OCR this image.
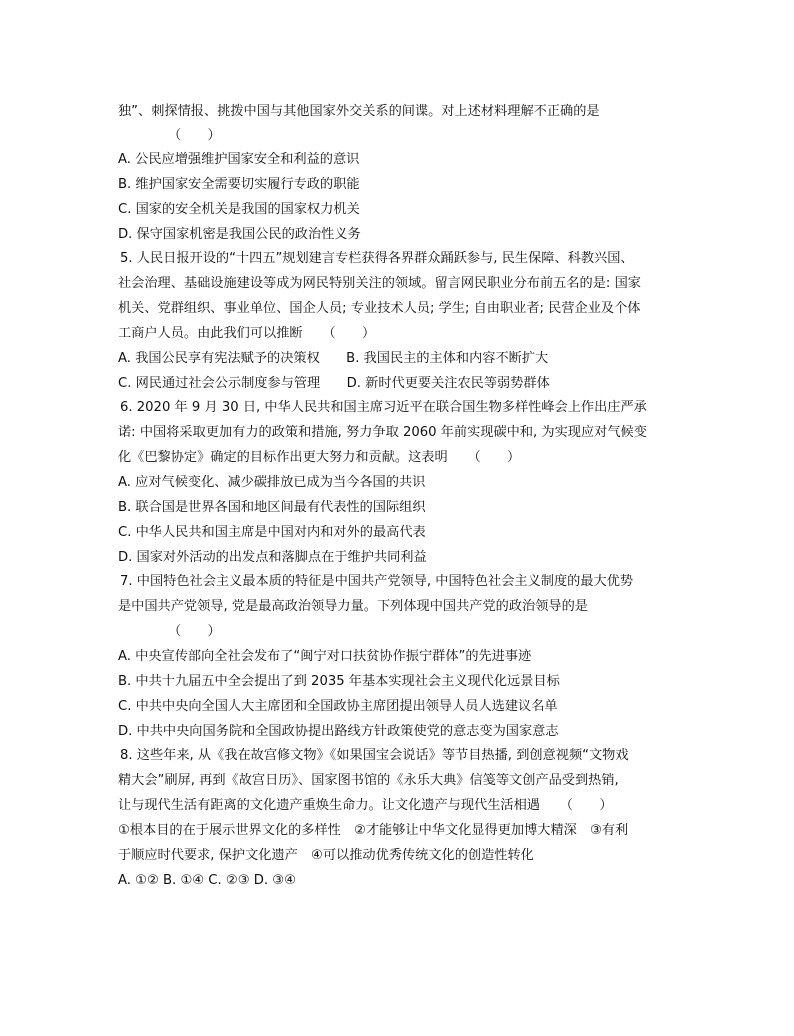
独”、刺探情报、挑拨中国与其他国家外交关系的间谍。对上述材料理解不正确的是
（　　）
A. 公民应增强维护国家安全和利益的意识
B. 维护国家安全需要切实履行专政的职能
C. 国家的安全机关是我国的国家权力机关
D. 保守国家机密是我国公民的政治性义务
5. 人民日报开设的“十四五”规划建言专栏获得各界群众踊跃参与, 民生保障、科教兴国、
社会治理、基础设施建设等成为网民特别关注的领域。留言网民职业分布前五名的是: 国家
机关、党群组织、事业单位、国企人员; 专业技术人员; 学生; 自由职业者; 民营企业及个体
工商户人员。由此我们可以推断　　（　　）
A. 我国公民享有宪法赋予的决策权　　B. 我国民主的主体和内容不断扩大
C. 网民通过社会公示制度参与管理　　D. 新时代更要关注农民等弱势群体
6. 2020 年 9 月 30 日, 中华人民共和国主席习近平在联合国生物多样性峰会上作出庄严承
诺: 中国将采取更加有力的政策和措施, 努力争取 2060 年前实现碳中和, 为实现应对气候变
化《巴黎协定》确定的目标作出更大努力和贡献。这表明　　（　　）
A. 应对气候变化、减少碳排放已成为当今各国的共识
B. 联合国是世界各国和地区间最有代表性的国际组织
C. 中华人民共和国主席是中国对内和对外的最高代表
D. 国家对外活动的出发点和落脚点在于维护共同利益
7. 中国特色社会主义最本质的特征是中国共产党领导, 中国特色社会主义制度的最大优势
是中国共产党领导, 党是最高政治领导力量。下列体现中国共产党的政治领导的是
（　　）
A. 中央宣传部向全社会发布了“闽宁对口扶贫协作振宁群体”的先进事迹
B. 中共十九届五中全会提出了到 2035 年基本实现社会主义现代化远景目标
C. 中共中央向全国人大主席团和全国政协主席团提出领导人员人选建议名单
D. 中共中央向国务院和全国政协提出路线方针政策使党的意志变为国家意志
8. 这些年来, 从《我在故宫修文物》《如果国宝会说话》等节目热播, 到创意视频“文物戏
精大会”刷屏, 再到《故宫日历》、国家图书馆的《永乐大典》信笺等文创产品受到热销,
让与现代生活有距离的文化遗产重焕生命力。让文化遗产与现代生活相遇　　（　　）
①根本目的在于展示世界文化的多样性　②才能够让中华文化显得更加博大精深　③有利
于顺应时代要求, 保护文化遗产　④可以推动优秀传统文化的创造性转化
A. ①② B. ①④ C. ②③ D. ③④
